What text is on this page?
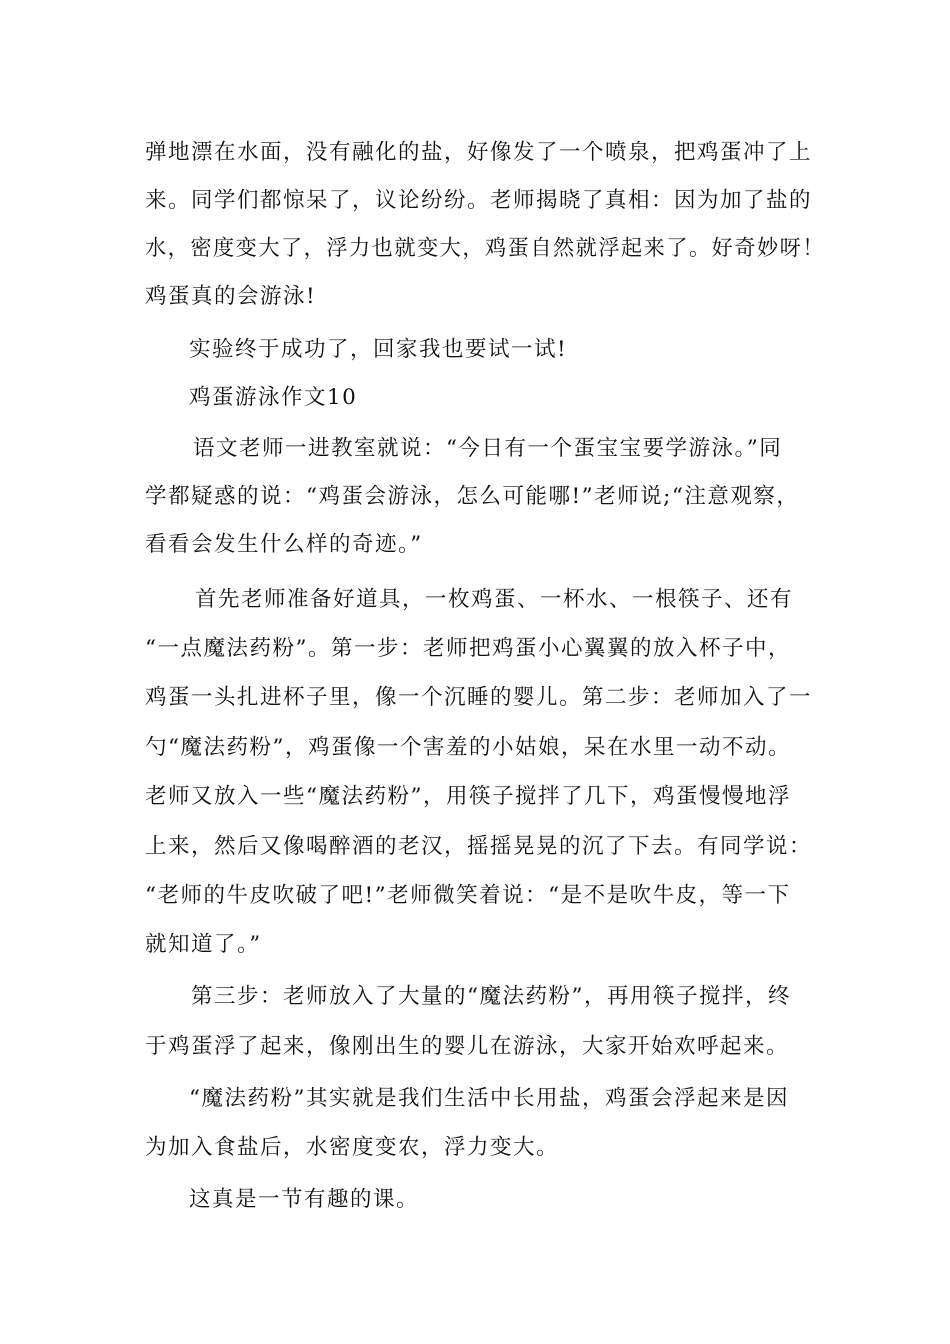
弹地漂在水面，没有融化的盐，好像发了一个喷泉，把鸡蛋冲了上
来。同学们都惊呆了，议论纷纷。老师揭晓了真相：因为加了盐的
水，密度变大了，浮力也就变大，鸡蛋自然就浮起来了。好奇妙呀！
鸡蛋真的会游泳!
实验终于成功了，回家我也要试一试!
鸡蛋游泳作文10
语文老师一进教室就说：“今日有一个蛋宝宝要学游泳。”同
学都疑惑的说：“鸡蛋会游泳，怎么可能哪!”老师说;“注意观察，
看看会发生什么样的奇迹。”
首先老师准备好道具，一枚鸡蛋、一杯水、一根筷子、还有
“一点魔法药粉”。第一步：老师把鸡蛋小心翼翼的放入杯子中，
鸡蛋一头扎进杯子里，像一个沉睡的婴儿。第二步：老师加入了一
勺“魔法药粉”，鸡蛋像一个害羞的小姑娘，呆在水里一动不动。
老师又放入一些“魔法药粉”，用筷子搅拌了几下，鸡蛋慢慢地浮
上来，然后又像喝醉酒的老汉，摇摇晃晃的沉了下去。有同学说：
“老师的牛皮吹破了吧!”老师微笑着说：“是不是吹牛皮，等一下
就知道了。”
第三步：老师放入了大量的“魔法药粉”，再用筷子搅拌，终
于鸡蛋浮了起来，像刚出生的婴儿在游泳，大家开始欢呼起来。
“魔法药粉”其实就是我们生活中长用盐，鸡蛋会浮起来是因
为加入食盐后，水密度变农，浮力变大。
这真是一节有趣的课。
